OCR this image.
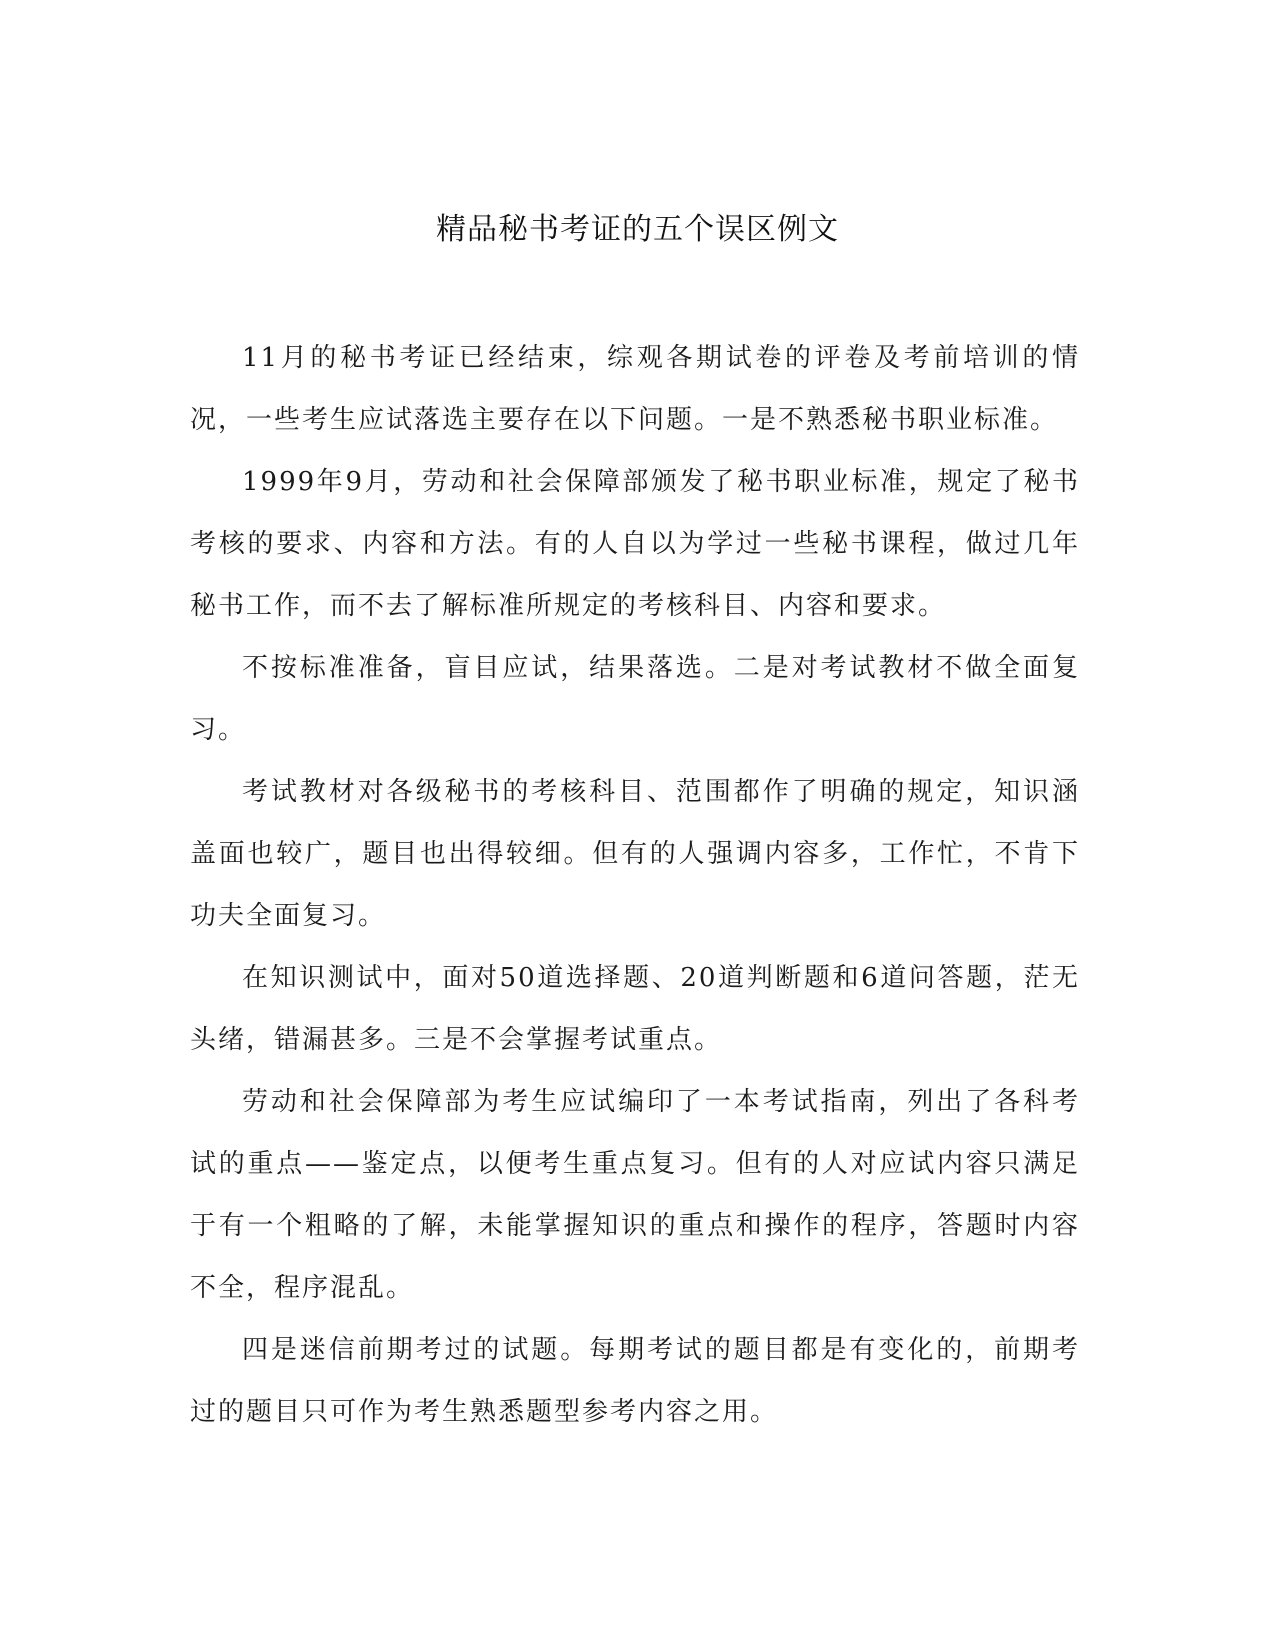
精品秘书考证的五个误区例文

11月的秘书考证已经结束，综观各期试卷的评卷及考前培训的情况，一些考生应试落选主要存在以下问题。一是不熟悉秘书职业标准。

1999年9月，劳动和社会保障部颁发了秘书职业标准，规定了秘书考核的要求、内容和方法。有的人自以为学过一些秘书课程，做过几年秘书工作，而不去了解标准所规定的考核科目、内容和要求。

不按标准准备，盲目应试，结果落选。二是对考试教材不做全面复习。

考试教材对各级秘书的考核科目、范围都作了明确的规定，知识涵盖面也较广，题目也出得较细。但有的人强调内容多，工作忙，不肯下功夫全面复习。

在知识测试中，面对50道选择题、20道判断题和6道问答题，茫无头绪，错漏甚多。三是不会掌握考试重点。

劳动和社会保障部为考生应试编印了一本考试指南，列出了各科考试的重点——鉴定点，以便考生重点复习。但有的人对应试内容只满足于有一个粗略的了解，未能掌握知识的重点和操作的程序，答题时内容不全，程序混乱。

四是迷信前期考过的试题。每期考试的题目都是有变化的，前期考过的题目只可作为考生熟悉题型参考内容之用。
